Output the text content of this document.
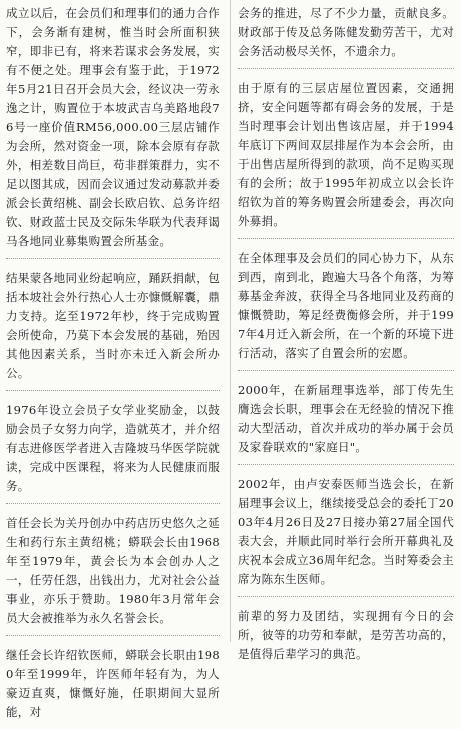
成立以后，在会员们和理事们的通力合作下，会务渐有建树，惟当时会所面积狭窄，即非已有，将来若谋求会务发展，实有不便之处。理事会有鉴于此，于1972年5月21日召开会员大会，经议决一劳永逸之计，购置位于本坡武吉乌美路地段76号一座价值RM56,000.00三层店铺作为会所，然对资金一项，除本会原有存款外，相差数目尚巨，苟非群策群力，实不足以图其成，因而会议通过发动募款并委派会长黄绍桃、副会长欧启钦、总务许绍钦、财政蓝士民及交际朱华联为代表拜谒马各地同业募集购置会所基金。

结果蒙各地同业纷起响应，踊跃捐献，包括本坡社会外行热心人士亦慷慨解囊，鼎力支持。迄至1972年杪，终于完成购置会所使命，乃莫下本会发展的基础，殆因其他因素关系，当时亦未迁入新会所办公。

1976年设立会员子女学业奖励金，以鼓励会员子女努力向学，造就英才，并介绍有志进修医学者进入吉隆坡马华医学院就读，完成中医课程，将来为人民健康而服务。

首任会长为关丹创办中药店历史悠久之延生和药行东主黄绍桃；蟒联会长由1968年至1979年，黄会长为本会创办人之一，任劳任怨，出钱出力，尤对社会公益事业，亦乐于赞助。1980年3月常年会员大会被推举为永久名誉会长。

继任会长许绍钦医师，蟒联会长职由1980年至1999年，许医师年轻有为，为人豪迈直爽，慷慨好施，任职期间大显所能，对

会务的推进，尽了不少力量，贡献良多。财政部于传及总务陈健发勤劳苦干，尤对会务活动极尽关怀，不遗余力。

由于原有的三层店屋位置因素，交通拥挤，安全问题等都有碍会务的发展，于是当时理事会计划出售该店屋，并于1994年底订下两间双层排屋作为本会会所，由于出售店屋所得到的款项，尚不足购买现有的会所；故于1995年初成立以会长许绍钦为首的筹务购置会所建委会，再次向外募捐。

在全体理事及会员们的同心协力下，从东到西，南到北，跑遍大马各个角落，为筹募基金奔波，获得全马各地同业及药商的慷慨赞助，筹足经费衡修会所，并于1997年4月迁入新会所，在一个新的环境下进行活动，落实了自置会所的宏愿。

2000年，在新届理事选举，部丁传先生膺选会长职，理事会在无经验的情况下推动大型活动，首次并成功的举办属于会员及家眷联欢的"家庭日"。

2002年，由卢安泰医师当选会长，在新届理事会议上，继续接受总会的委托丁2003年4月26日及27日接办第27届全国代表大会，并顺此同时举行会所开幕典礼及庆祝本会成立36周年纪念。当时筹委会主席为陈东生医师。

前辈的努力及团结，实现拥有今日的会所，彼等的功劳和奉献，是劳苦功高的，是值得后辈学习的典范。
